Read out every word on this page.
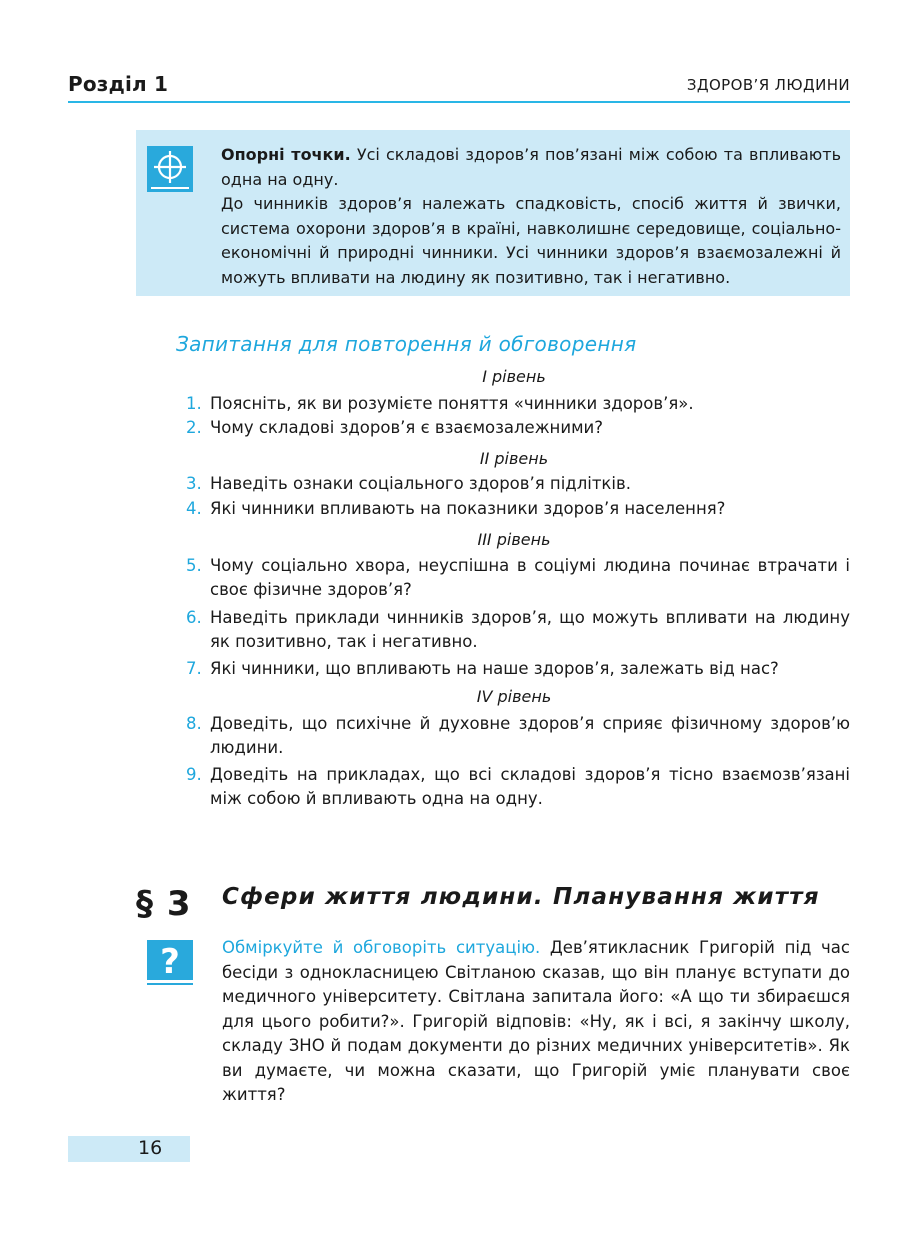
Розділ 1	ЗДОРОВ’Я ЛЮДИНИ

Опорні точки. Усі складові здоров’я пов’язані між собою та впливають одна на одну.

До чинників здоров’я належать спадковість, спосіб життя й звички, система охорони здоров’я в країні, навколишнє середовище, соціально-економічні й природні чинники. Усі чинники здоров’я взаємозалежні й можуть впливати на людину як позитивно, так і негативно.

Запитання для повторення й обговорення
I рівень
1. Поясніть, як ви розумієте поняття «чинники здоров’я».
2. Чому складові здоров’я є взаємозалежними?
II рівень
3. Наведіть ознаки соціального здоров’я підлітків.
4. Які чинники впливають на показники здоров’я населення?
III рівень
5. Чому соціально хвора, неуспішна в соціумі людина починає втрачати і своє фізичне здоров’я?
6. Наведіть приклади чинників здоров’я, що можуть впливати на людину як позитивно, так і негативно.
7. Які чинники, що впливають на наше здоров’я, залежать від нас?
IV рівень
8. Доведіть, що психічне й духовне здоров’я сприяє фізичному здоров’ю людини.
9. Доведіть на прикладах, що всі складові здоров’я тісно взаємозв’язані між собою й впливають одна на одну.
§ 3 Сфери життя людини. Планування життя
?	Обміркуйте й обговоріть ситуацію. Дев’ятикласник Григорій під час бесіди з однокласницею Світланою сказав, що він планує вступати до медичного університету. Світлана запитала його: «А що ти збираєшся для цього робити?». Григорій відповів: «Ну, як і всі, я закінчу школу, складу ЗНО й подам документи до різних медичних університетів». Як ви думаєте, чи можна сказати, що Григорій уміє планувати своє життя?
16
